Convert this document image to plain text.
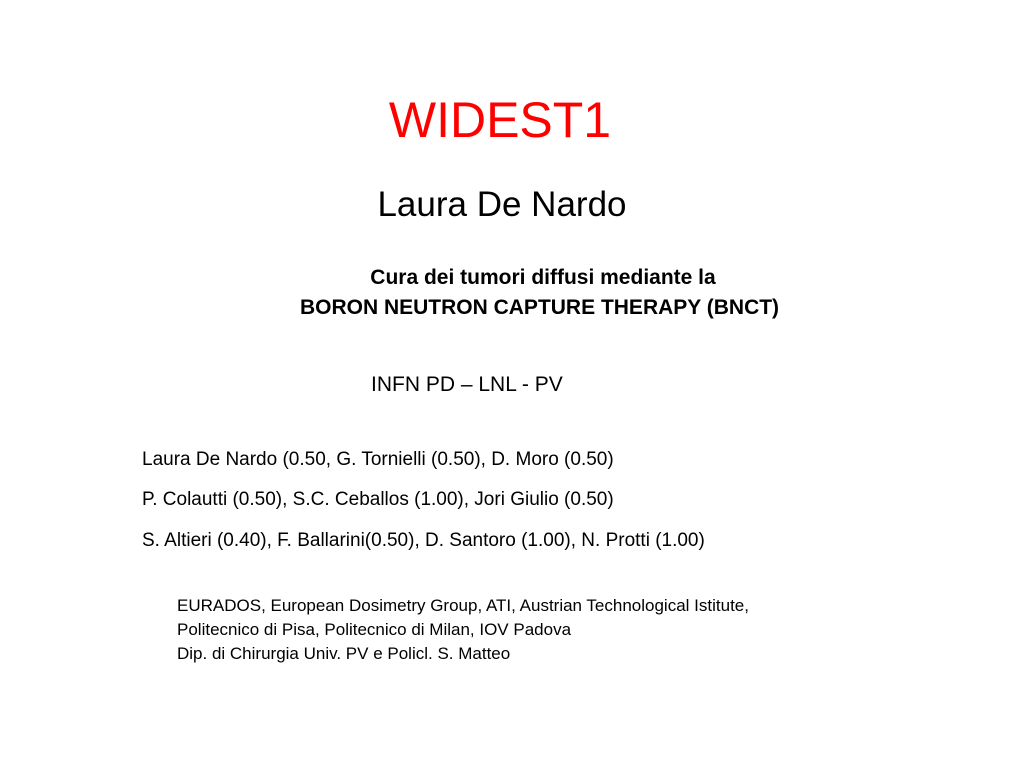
WIDEST1
Laura De Nardo
Cura dei tumori diffusi mediante la
BORON NEUTRON CAPTURE THERAPY (BNCT)
INFN PD – LNL - PV
Laura De Nardo (0.50, G. Tornielli (0.50), D. Moro (0.50)
P. Colautti (0.50), S.C. Ceballos (1.00), Jori Giulio (0.50)
S. Altieri (0.40), F. Ballarini(0.50), D. Santoro (1.00), N. Protti (1.00)
EURADOS, European Dosimetry Group, ATI, Austrian Technological Istitute,
Politecnico di Pisa, Politecnico di Milan, IOV Padova
Dip. di Chirurgia Univ. PV e Policl. S. Matteo
